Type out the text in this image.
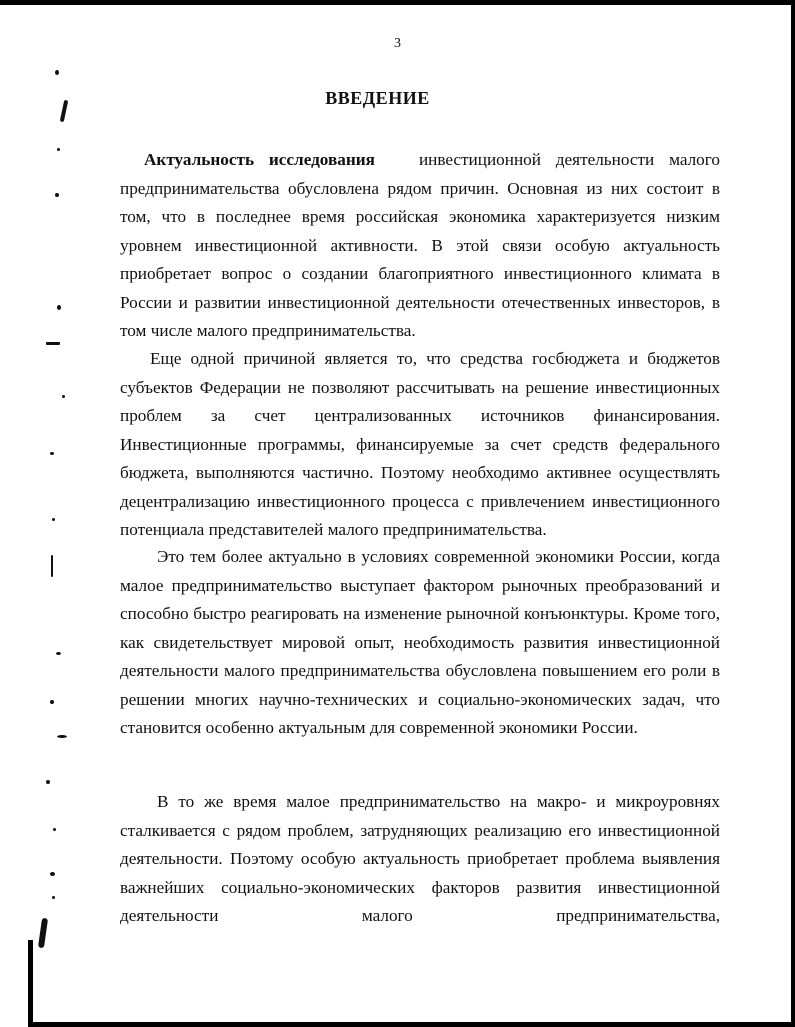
3
ВВЕДЕНИЕ
Актуальность исследования	инвестиционной деятельности малого предпринимательства обусловлена рядом причин. Основная из них состоит в том, что в последнее время российская экономика характеризуется низким уровнем инвестиционной активности. В этой связи особую актуальность приобретает вопрос о создании благоприятного инвестиционного климата в России и развитии инвестиционной деятельности отечественных инвесторов, в том числе малого предпринимательства.
Еще одной причиной является то, что средства госбюджета и бюджетов субъектов Федерации не позволяют рассчитывать на решение инвестиционных проблем за счет централизованных источников финансирования. Инвестиционные программы, финансируемые за счет средств федерального бюджета, выполняются частично. Поэтому необходимо активнее осуществлять децентрализацию инвестиционного процесса с привлечением инвестиционного потенциала представителей малого предпринимательства.
Это тем более актуально в условиях современной экономики России, когда малое предпринимательство выступает фактором рыночных преобразований и способно быстро реагировать на изменение рыночной конъюнктуры. Кроме того, как свидетельствует мировой опыт, необходимость развития инвестиционной деятельности малого предпринимательства обусловлена повышением его роли в решении многих научно-технических и социально-экономических задач, что становится особенно актуальным для современной экономики России.
В то же время малое предпринимательство на макро- и микроуровнях сталкивается с рядом проблем, затрудняющих реализацию его инвестиционной деятельности. Поэтому особую актуальность приобретает проблема выявления важнейших социально-экономических факторов развития инвестиционной деятельности малого предпринимательства,
